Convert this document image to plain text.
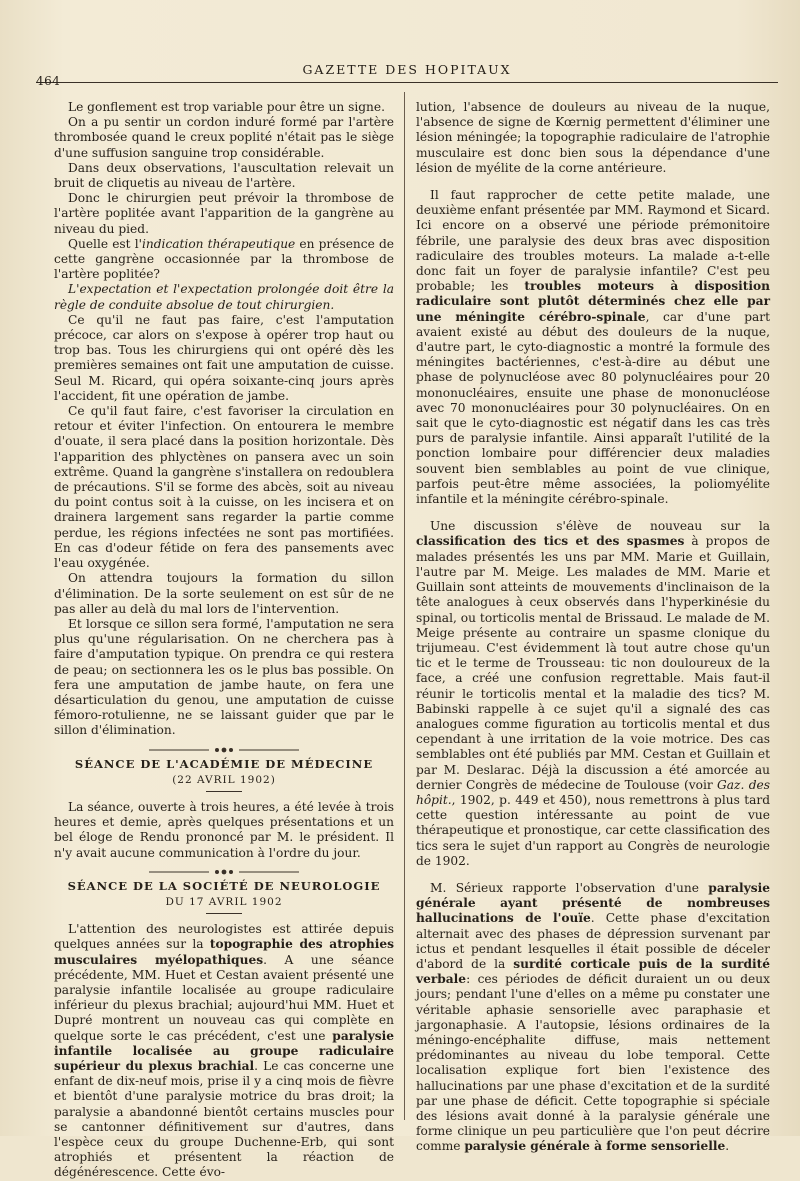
464
GAZETTE DES HOPITAUX

Le gonflement est trop variable pour être un signe.

On a pu sentir un cordon induré formé par l'artère thrombosée quand le creux poplité n'était pas le siège d'une suffusion sanguine trop considérable.

Dans deux observations, l'auscultation relevait un bruit de cliquetis au niveau de l'artère.

Donc le chirurgien peut prévoir la thrombose de l'artère poplitée avant l'apparition de la gangrène au niveau du pied.

Quelle est l'indication thérapeutique en présence de cette gangrène occasionnée par la thrombose de l'artère poplitée?

L'expectation et l'expectation prolongée doit être la règle de conduite absolue de tout chirurgien.

Ce qu'il ne faut pas faire, c'est l'amputation précoce, car alors on s'expose à opérer trop haut ou trop bas. Tous les chirurgiens qui ont opéré dès les premières semaines ont fait une amputation de cuisse. Seul M. Ricard, qui opéra soixante-cinq jours après l'accident, fit une opération de jambe.

Ce qu'il faut faire, c'est favoriser la circulation en retour et éviter l'infection. On entourera le membre d'ouate, il sera placé dans la position horizontale. Dès l'apparition des phlyctènes on pansera avec un soin extrême. Quand la gangrène s'installera on redoublera de précautions. S'il se forme des abcès, soit au niveau du point contus soit à la cuisse, on les incisera et on drainera largement sans regarder la partie comme perdue, les régions infectées ne sont pas mortifiées. En cas d'odeur fétide on fera des pansements avec l'eau oxygénée.

On attendra toujours la formation du sillon d'élimination. De la sorte seulement on est sûr de ne pas aller au delà du mal lors de l'intervention.

Et lorsque ce sillon sera formé, l'amputation ne sera plus qu'une régularisation. On ne cherchera pas à faire d'amputation typique. On prendra ce qui restera de peau; on sectionnera les os le plus bas possible. On fera une amputation de jambe haute, on fera une désarticulation du genou, une amputation de cuisse fémoro-rotulienne, ne se laissant guider que par le sillon d'élimination.

SÉANCE DE L'ACADÉMIE DE MÉDECINE
(22 AVRIL 1902)

La séance, ouverte à trois heures, a été levée à trois heures et demie, après quelques présentations et un bel éloge de Rendu prononcé par M. le président. Il n'y avait aucune communication à l'ordre du jour.

SÉANCE DE LA SOCIÉTÉ DE NEUROLOGIE
DU 17 AVRIL 1902

L'attention des neurologistes est attirée depuis quelques années sur la topographie des atrophies musculaires myélopathiques. A une séance précédente, MM. Huet et Cestan avaient présenté une paralysie infantile localisée au groupe radiculaire inférieur du plexus brachial; aujourd'hui MM. Huet et Dupré montrent un nouveau cas qui complète en quelque sorte le cas précédent, c'est une paralysie infantile localisée au groupe radiculaire supérieur du plexus brachial. Le cas concerne une enfant de dix-neuf mois, prise il y a cinq mois de fièvre et bientôt d'une paralysie motrice du bras droit; la paralysie a abandonné bientôt certains muscles pour se cantonner définitivement sur d'autres, dans l'espèce ceux du groupe Duchenne-Erb, qui sont atrophiés et présentent la réaction de dégénérescence. Cette évo-

lution, l'absence de douleurs au niveau de la nuque, l'absence de signe de Kœrnig permettent d'éliminer une lésion méningée; la topographie radiculaire de l'atrophie musculaire est donc bien sous la dépendance d'une lésion de myélite de la corne antérieure.

Il faut rapprocher de cette petite malade, une deuxième enfant présentée par MM. Raymond et Sicard. Ici encore on a observé une période prémonitoire fébrile, une paralysie des deux bras avec disposition radiculaire des troubles moteurs. La malade a-t-elle donc fait un foyer de paralysie infantile? C'est peu probable; les troubles moteurs à disposition radiculaire sont plutôt déterminés chez elle par une méningite cérébro-spinale, car d'une part avaient existé au début des douleurs de la nuque, d'autre part, le cyto-diagnostic a montré la formule des méningites bactériennes, c'est-à-dire au début une phase de polynucléose avec 80 polynucléaires pour 20 mononucléaires, ensuite une phase de mononucléose avec 70 mononucléaires pour 30 polynucléaires. On en sait que le cyto-diagnostic est négatif dans les cas très purs de paralysie infantile. Ainsi apparaît l'utilité de la ponction lombaire pour différencier deux maladies souvent bien semblables au point de vue clinique, parfois peut-être même associées, la poliomyélite infantile et la méningite cérébro-spinale.

Une discussion s'élève de nouveau sur la classification des tics et des spasmes à propos de malades présentés les uns par MM. Marie et Guillain, l'autre par M. Meige. Les malades de MM. Marie et Guillain sont atteints de mouvements d'inclinaison de la tête analogues à ceux observés dans l'hyperkinésie du spinal, ou torticolis mental de Brissaud. Le malade de M. Meige présente au contraire un spasme clonique du trijumeau. C'est évidemment là tout autre chose qu'un tic et le terme de Trousseau: tic non douloureux de la face, a créé une confusion regrettable. Mais faut-il réunir le torticolis mental et la maladie des tics? M. Babinski rappelle à ce sujet qu'il a signalé des cas analogues comme figuration au torticolis mental et dus cependant à une irritation de la voie motrice. Des cas semblables ont été publiés par MM. Cestan et Guillain et par M. Deslarac. Déjà la discussion a été amorcée au dernier Congrès de médecine de Toulouse (voir Gaz. des hôpit., 1902, p. 449 et 450), nous remettrons à plus tard cette question intéressante au point de vue thérapeutique et pronostique, car cette classification des tics sera le sujet d'un rapport au Congrès de neurologie de 1902.

M. Sérieux rapporte l'observation d'une paralysie générale ayant présenté de nombreuses hallucinations de l'ouïe. Cette phase d'excitation alternait avec des phases de dépression survenant par ictus et pendant lesquelles il était possible de déceler d'abord de la surdité corticale puis de la surdité verbale: ces périodes de déficit duraient un ou deux jours; pendant l'une d'elles on a même pu constater une véritable aphasie sensorielle avec paraphasie et jargonaphasie. A l'autopsie, lésions ordinaires de la méningo-encéphalite diffuse, mais nettement prédominantes au niveau du lobe temporal. Cette localisation explique fort bien l'existence des hallucinations par une phase d'excitation et de la surdité par une phase de déficit. Cette topographie si spéciale des lésions avait donné à la paralysie générale une forme clinique un peu particulière que l'on peut décrire comme paralysie générale à forme sensorielle.
